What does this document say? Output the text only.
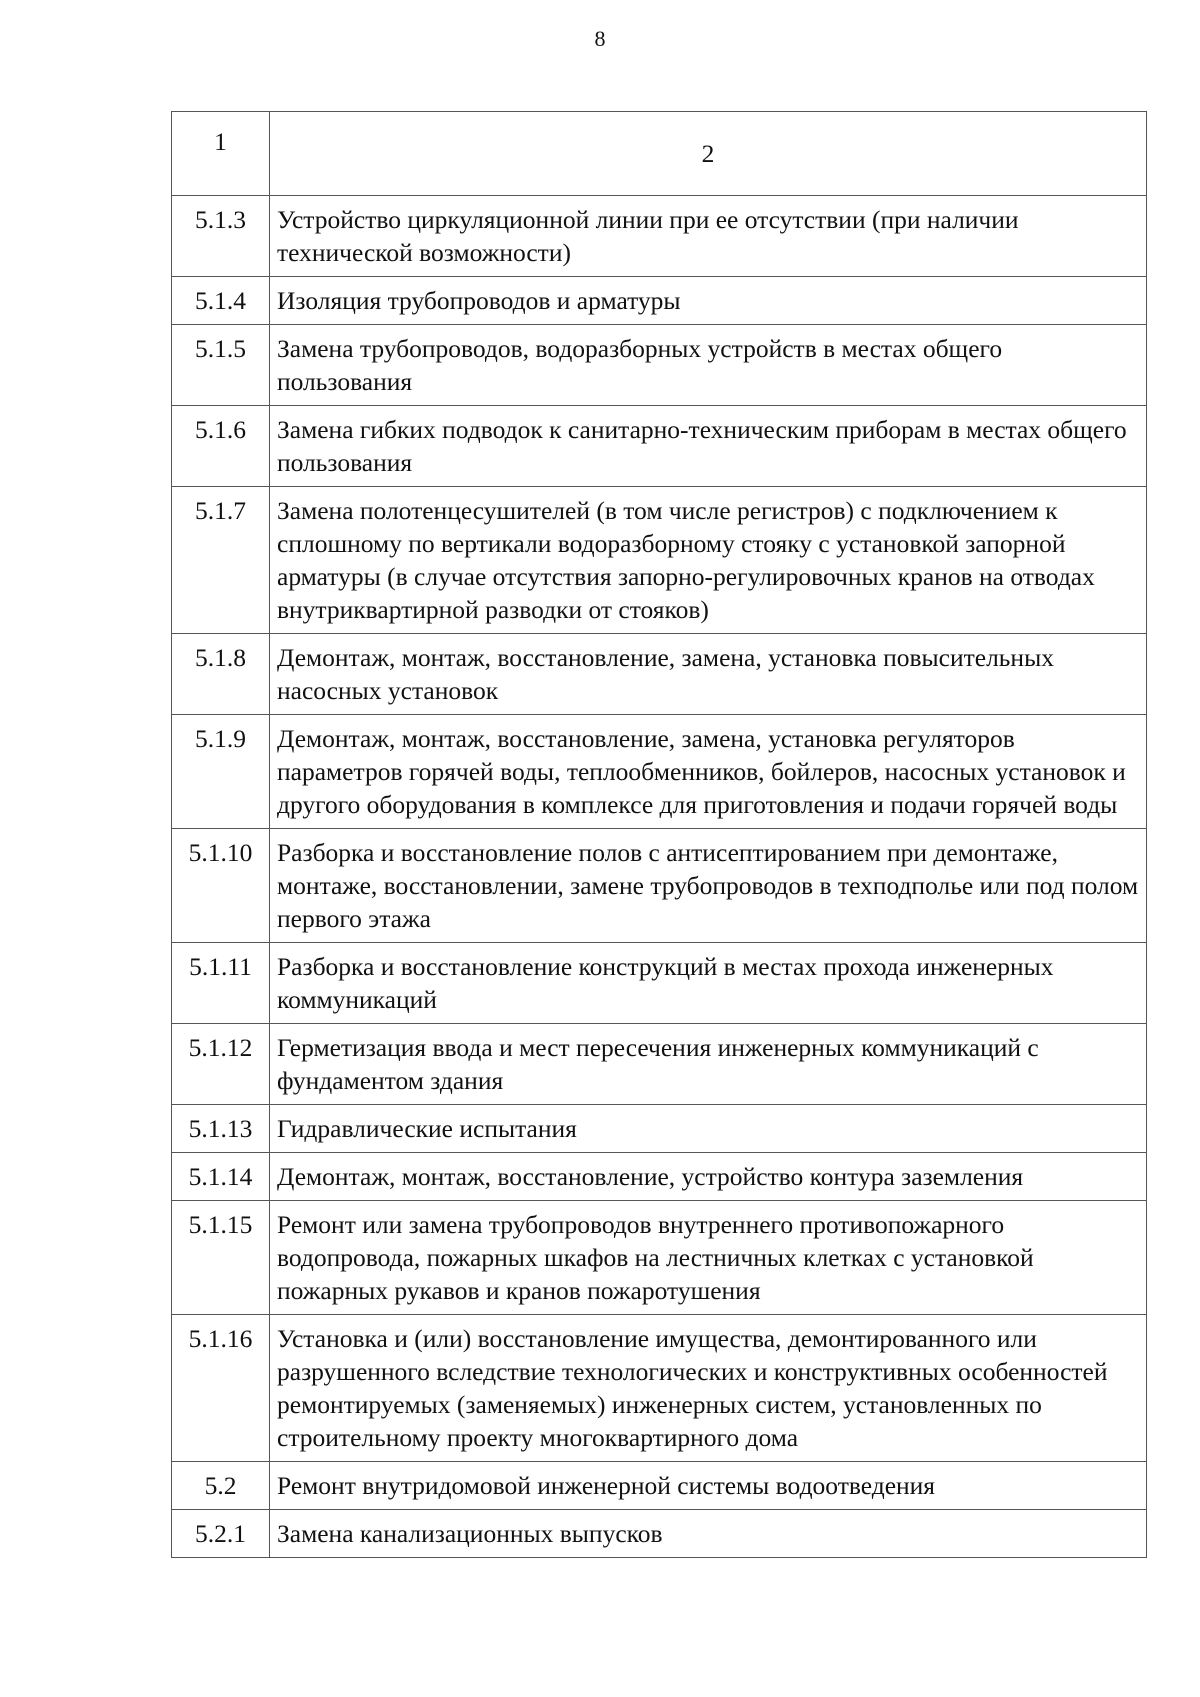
8
1	2
5.1.3	Устройство циркуляционной линии при ее отсутствии (при наличии технической возможности)
5.1.4	Изоляция трубопроводов и арматуры
5.1.5	Замена трубопроводов, водоразборных устройств в местах общего пользования
5.1.6	Замена гибких подводок к санитарно-техническим приборам в местах общего пользования
5.1.7	Замена полотенцесушителей (в том числе регистров) с подключением к сплошному по вертикали водоразборному стояку с установкой запорной арматуры (в случае отсутствия запорно-регулировочных кранов на отводах внутриквартирной разводки от стояков)
5.1.8	Демонтаж, монтаж, восстановление, замена, установка повысительных насосных установок
5.1.9	Демонтаж, монтаж, восстановление, замена, установка регуляторов параметров горячей воды, теплообменников, бойлеров, насосных установок и другого оборудования в комплексе для приготовления и подачи горячей воды
5.1.10	Разборка и восстановление полов с антисептированием при демонтаже, монтаже, восстановлении, замене трубопроводов в техподполье или под полом первого этажа
5.1.11	Разборка и восстановление конструкций в местах прохода инженерных коммуникаций
5.1.12	Герметизация ввода и мест пересечения инженерных коммуникаций с фундаментом здания
5.1.13	Гидравлические испытания
5.1.14	Демонтаж, монтаж, восстановление, устройство контура заземления
5.1.15	Ремонт или замена трубопроводов внутреннего противопожарного водопровода, пожарных шкафов на лестничных клетках с установкой пожарных рукавов и кранов пожаротушения
5.1.16	Установка и (или) восстановление имущества, демонтированного или разрушенного вследствие технологических и конструктивных особенностей ремонтируемых (заменяемых) инженерных систем, установленных по строительному проекту многоквартирного дома
5.2	Ремонт внутридомовой инженерной системы водоотведения
5.2.1	Замена канализационных выпусков
